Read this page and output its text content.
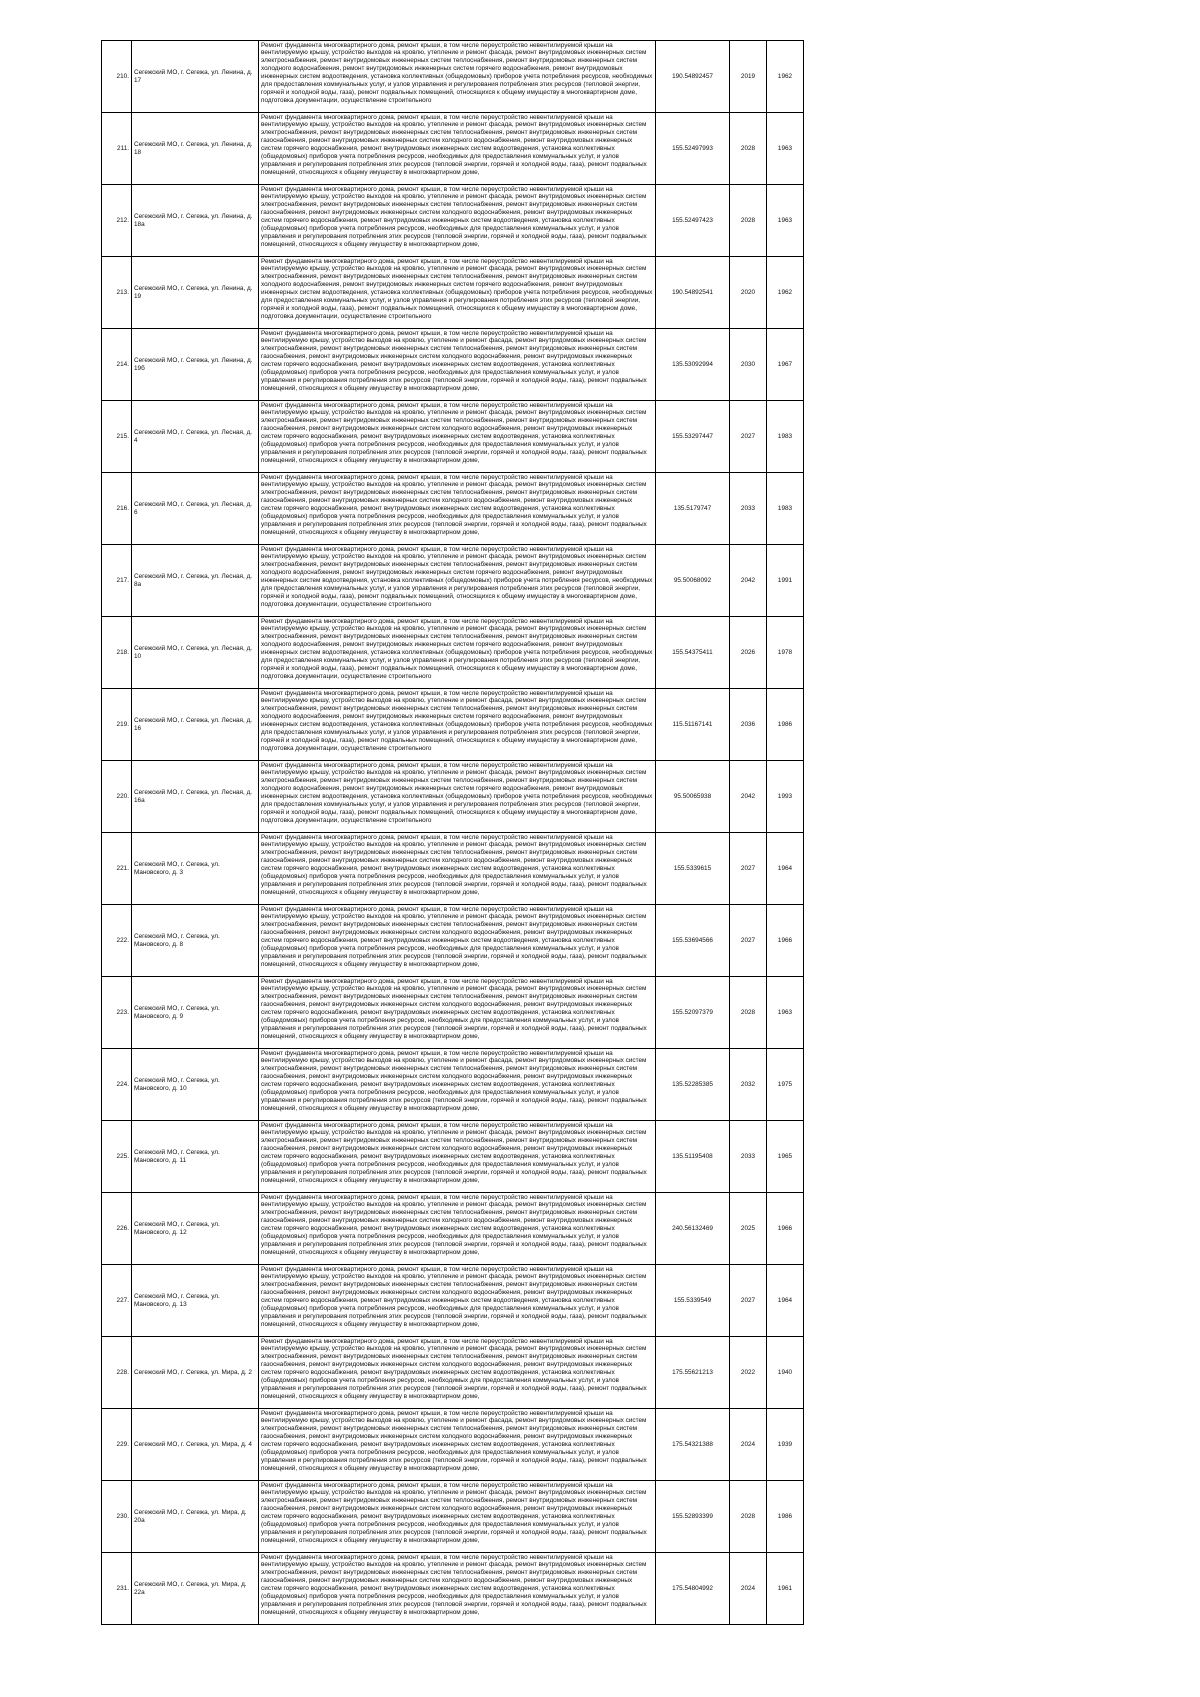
210.	Сегежский МО, г. Сегежа, ул. Ленина, д. 17	Ремонт фундамента многоквартирного дома, ремонт крыши, в том числе переустройство невентилируемой крыши на вентилируемую крышу, устройство выходов на кровлю, утепление и ремонт фасада, ремонт внутридомовых инженерных систем электроснабжения, ремонт внутридомовых инженерных систем теплоснабжения, ремонт внутридомовых инженерных систем холодного водоснабжения, ремонт внутридомовых инженерных систем горячего водоснабжения, ремонт внутридомовых инженерных систем водоотведения, установка коллективных (общедомовых) приборов учета потребления ресурсов, необходимых для предоставления коммунальных услуг, и узлов управления и регулирования потребления этих ресурсов (тепловой энергии, горячей и холодной воды, газа), ремонт подвальных помещений, относящихся к общему имуществу в многоквартирном доме, подготовка документации, осуществление строительного	190.54892457	2019	1962
211.	Сегежский МО, г. Сегежа, ул. Ленина, д. 18	Ремонт фундамента многоквартирного дома, ремонт крыши, в том числе переустройство невентилируемой крыши на вентилируемую крышу, устройство выходов на кровлю, утепление и ремонт фасада, ремонт внутридомовых инженерных систем электроснабжения, ремонт внутридомовых инженерных систем теплоснабжения, ремонт внутридомовых инженерных систем газоснабжения, ремонт внутридомовых инженерных систем холодного водоснабжения, ремонт внутридомовых инженерных систем горячего водоснабжения, ремонт внутридомовых инженерных систем водоотведения, установка коллективных (общедомовых) приборов учета потребления ресурсов, необходимых для предоставления коммунальных услуг, и узлов управления и регулирования потребления этих ресурсов (тепловой энергии, горячей и холодной воды, газа), ремонт подвальных помещений, относящихся к общему имуществу в многоквартирном доме,	155.52497993	2028	1963
212.	Сегежский МО, г. Сегежа, ул. Ленина, д. 18а	Ремонт фундамента многоквартирного дома, ремонт крыши, в том числе переустройство невентилируемой крыши на вентилируемую крышу, устройство выходов на кровлю, утепление и ремонт фасада, ремонт внутридомовых инженерных систем электроснабжения, ремонт внутридомовых инженерных систем теплоснабжения, ремонт внутридомовых инженерных систем газоснабжения, ремонт внутридомовых инженерных систем холодного водоснабжения, ремонт внутридомовых инженерных систем горячего водоснабжения, ремонт внутридомовых инженерных систем водоотведения, установка коллективных (общедомовых) приборов учета потребления ресурсов, необходимых для предоставления коммунальных услуг, и узлов управления и регулирования потребления этих ресурсов (тепловой энергии, горячей и холодной воды, газа), ремонт подвальных помещений, относящихся к общему имуществу в многоквартирном доме,	155.52497423	2028	1963
213.	Сегежский МО, г. Сегежа, ул. Ленина, д. 19	Ремонт фундамента многоквартирного дома, ремонт крыши, в том числе переустройство невентилируемой крыши на вентилируемую крышу, устройство выходов на кровлю, утепление и ремонт фасада, ремонт внутридомовых инженерных систем электроснабжения, ремонт внутридомовых инженерных систем теплоснабжения, ремонт внутридомовых инженерных систем холодного водоснабжения, ремонт внутридомовых инженерных систем горячего водоснабжения, ремонт внутридомовых инженерных систем водоотведения, установка коллективных (общедомовых) приборов учета потребления ресурсов, необходимых для предоставления коммунальных услуг, и узлов управления и регулирования потребления этих ресурсов (тепловой энергии, горячей и холодной воды, газа), ремонт подвальных помещений, относящихся к общему имуществу в многоквартирном доме, подготовка документации, осуществление строительного	190.54892541	2020	1962
214.	Сегежский МО, г. Сегежа, ул. Ленина, д. 19б	Ремонт фундамента многоквартирного дома, ремонт крыши, в том числе переустройство невентилируемой крыши на вентилируемую крышу, устройство выходов на кровлю, утепление и ремонт фасада, ремонт внутридомовых инженерных систем электроснабжения, ремонт внутридомовых инженерных систем теплоснабжения, ремонт внутридомовых инженерных систем газоснабжения, ремонт внутридомовых инженерных систем холодного водоснабжения, ремонт внутридомовых инженерных систем горячего водоснабжения, ремонт внутридомовых инженерных систем водоотведения, установка коллективных (общедомовых) приборов учета потребления ресурсов, необходимых для предоставления коммунальных услуг, и узлов управления и регулирования потребления этих ресурсов (тепловой энергии, горячей и холодной воды, газа), ремонт подвальных помещений, относящихся к общему имуществу в многоквартирном доме,	135.53092994	2030	1967
215.	Сегежский МО, г. Сегежа, ул. Лесная, д. 4	Ремонт фундамента многоквартирного дома, ремонт крыши, в том числе переустройство невентилируемой крыши на вентилируемую крышу, устройство выходов на кровлю, утепление и ремонт фасада, ремонт внутридомовых инженерных систем электроснабжения, ремонт внутридомовых инженерных систем теплоснабжения, ремонт внутридомовых инженерных систем газоснабжения, ремонт внутридомовых инженерных систем холодного водоснабжения, ремонт внутридомовых инженерных систем горячего водоснабжения, ремонт внутридомовых инженерных систем водоотведения, установка коллективных (общедомовых) приборов учета потребления ресурсов, необходимых для предоставления коммунальных услуг, и узлов управления и регулирования потребления этих ресурсов (тепловой энергии, горячей и холодной воды, газа), ремонт подвальных помещений, относящихся к общему имуществу в многоквартирном доме,	155.53297447	2027	1983
216.	Сегежский МО, г. Сегежа, ул. Лесная, д. 6	Ремонт фундамента многоквартирного дома, ремонт крыши, в том числе переустройство невентилируемой крыши на вентилируемую крышу, устройство выходов на кровлю, утепление и ремонт фасада, ремонт внутридомовых инженерных систем электроснабжения, ремонт внутридомовых инженерных систем теплоснабжения, ремонт внутридомовых инженерных систем газоснабжения, ремонт внутридомовых инженерных систем холодного водоснабжения, ремонт внутридомовых инженерных систем горячего водоснабжения, ремонт внутридомовых инженерных систем водоотведения, установка коллективных (общедомовых) приборов учета потребления ресурсов, необходимых для предоставления коммунальных услуг, и узлов управления и регулирования потребления этих ресурсов (тепловой энергии, горячей и холодной воды, газа), ремонт подвальных помещений, относящихся к общему имуществу в многоквартирном доме,	135.5179747	2033	1983
217.	Сегежский МО, г. Сегежа, ул. Лесная, д. 8а	Ремонт фундамента многоквартирного дома, ремонт крыши, в том числе переустройство невентилируемой крыши на вентилируемую крышу, устройство выходов на кровлю, утепление и ремонт фасада, ремонт внутридомовых инженерных систем электроснабжения, ремонт внутридомовых инженерных систем теплоснабжения, ремонт внутридомовых инженерных систем холодного водоснабжения, ремонт внутридомовых инженерных систем горячего водоснабжения, ремонт внутридомовых инженерных систем водоотведения, установка коллективных (общедомовых) приборов учета потребления ресурсов, необходимых для предоставления коммунальных услуг, и узлов управления и регулирования потребления этих ресурсов (тепловой энергии, горячей и холодной воды, газа), ремонт подвальных помещений, относящихся к общему имуществу в многоквартирном доме, подготовка документации, осуществление строительного	95.50068092	2042	1991
218.	Сегежский МО, г. Сегежа, ул. Лесная, д. 10	Ремонт фундамента многоквартирного дома, ремонт крыши, в том числе переустройство невентилируемой крыши на вентилируемую крышу, устройство выходов на кровлю, утепление и ремонт фасада, ремонт внутридомовых инженерных систем электроснабжения, ремонт внутридомовых инженерных систем теплоснабжения, ремонт внутридомовых инженерных систем холодного водоснабжения, ремонт внутридомовых инженерных систем горячего водоснабжения, ремонт внутридомовых инженерных систем водоотведения, установка коллективных (общедомовых) приборов учета потребления ресурсов, необходимых для предоставления коммунальных услуг, и узлов управления и регулирования потребления этих ресурсов (тепловой энергии, горячей и холодной воды, газа), ремонт подвальных помещений, относящихся к общему имуществу в многоквартирном доме, подготовка документации, осуществление строительного	155.54375411	2026	1978
219.	Сегежский МО, г. Сегежа, ул. Лесная, д. 16	Ремонт фундамента многоквартирного дома, ремонт крыши, в том числе переустройство невентилируемой крыши на вентилируемую крышу, устройство выходов на кровлю, утепление и ремонт фасада, ремонт внутридомовых инженерных систем электроснабжения, ремонт внутридомовых инженерных систем теплоснабжения, ремонт внутридомовых инженерных систем холодного водоснабжения, ремонт внутридомовых инженерных систем горячего водоснабжения, ремонт внутридомовых инженерных систем водоотведения, установка коллективных (общедомовых) приборов учета потребления ресурсов, необходимых для предоставления коммунальных услуг, и узлов управления и регулирования потребления этих ресурсов (тепловой энергии, горячей и холодной воды, газа), ремонт подвальных помещений, относящихся к общему имуществу в многоквартирном доме, подготовка документации, осуществление строительного	115.51167141	2036	1986
220.	Сегежский МО, г. Сегежа, ул. Лесная, д. 16а	Ремонт фундамента многоквартирного дома, ремонт крыши, в том числе переустройство невентилируемой крыши на вентилируемую крышу, устройство выходов на кровлю, утепление и ремонт фасада, ремонт внутридомовых инженерных систем электроснабжения, ремонт внутридомовых инженерных систем теплоснабжения, ремонт внутридомовых инженерных систем холодного водоснабжения, ремонт внутридомовых инженерных систем горячего водоснабжения, ремонт внутридомовых инженерных систем водоотведения, установка коллективных (общедомовых) приборов учета потребления ресурсов, необходимых для предоставления коммунальных услуг, и узлов управления и регулирования потребления этих ресурсов (тепловой энергии, горячей и холодной воды, газа), ремонт подвальных помещений, относящихся к общему имуществу в многоквартирном доме, подготовка документации, осуществление строительного	95.50065938	2042	1993
221.	Сегежский МО, г. Сегежа, ул. Мановского, д. 3	Ремонт фундамента многоквартирного дома, ремонт крыши, в том числе переустройство невентилируемой крыши на вентилируемую крышу, устройство выходов на кровлю, утепление и ремонт фасада, ремонт внутридомовых инженерных систем электроснабжения, ремонт внутридомовых инженерных систем теплоснабжения, ремонт внутридомовых инженерных систем газоснабжения, ремонт внутридомовых инженерных систем холодного водоснабжения, ремонт внутридомовых инженерных систем горячего водоснабжения, ремонт внутридомовых инженерных систем водоотведения, установка коллективных (общедомовых) приборов учета потребления ресурсов, необходимых для предоставления коммунальных услуг, и узлов управления и регулирования потребления этих ресурсов (тепловой энергии, горячей и холодной воды, газа), ремонт подвальных помещений, относящихся к общему имуществу в многоквартирном доме,	155.5339615	2027	1964
222.	Сегежский МО, г. Сегежа, ул. Мановского, д. 8	Ремонт фундамента многоквартирного дома, ремонт крыши, в том числе переустройство невентилируемой крыши на вентилируемую крышу, устройство выходов на кровлю, утепление и ремонт фасада, ремонт внутридомовых инженерных систем электроснабжения, ремонт внутридомовых инженерных систем теплоснабжения, ремонт внутридомовых инженерных систем газоснабжения, ремонт внутридомовых инженерных систем холодного водоснабжения, ремонт внутридомовых инженерных систем горячего водоснабжения, ремонт внутридомовых инженерных систем водоотведения, установка коллективных (общедомовых) приборов учета потребления ресурсов, необходимых для предоставления коммунальных услуг, и узлов управления и регулирования потребления этих ресурсов (тепловой энергии, горячей и холодной воды, газа), ремонт подвальных помещений, относящихся к общему имуществу в многоквартирном доме,	155.53694566	2027	1966
223.	Сегежский МО, г. Сегежа, ул. Мановского, д. 9	Ремонт фундамента многоквартирного дома, ремонт крыши, в том числе переустройство невентилируемой крыши на вентилируемую крышу, устройство выходов на кровлю, утепление и ремонт фасада, ремонт внутридомовых инженерных систем электроснабжения, ремонт внутридомовых инженерных систем теплоснабжения, ремонт внутридомовых инженерных систем газоснабжения, ремонт внутридомовых инженерных систем холодного водоснабжения, ремонт внутридомовых инженерных систем горячего водоснабжения, ремонт внутридомовых инженерных систем водоотведения, установка коллективных (общедомовых) приборов учета потребления ресурсов, необходимых для предоставления коммунальных услуг, и узлов управления и регулирования потребления этих ресурсов (тепловой энергии, горячей и холодной воды, газа), ремонт подвальных помещений, относящихся к общему имуществу в многоквартирном доме,	155.52097379	2028	1963
224.	Сегежский МО, г. Сегежа, ул. Мановского, д. 10	Ремонт фундамента многоквартирного дома, ремонт крыши, в том числе переустройство невентилируемой крыши на вентилируемую крышу, устройство выходов на кровлю, утепление и ремонт фасада, ремонт внутридомовых инженерных систем электроснабжения, ремонт внутридомовых инженерных систем теплоснабжения, ремонт внутридомовых инженерных систем газоснабжения, ремонт внутридомовых инженерных систем холодного водоснабжения, ремонт внутридомовых инженерных систем горячего водоснабжения, ремонт внутридомовых инженерных систем водоотведения, установка коллективных (общедомовых) приборов учета потребления ресурсов, необходимых для предоставления коммунальных услуг, и узлов управления и регулирования потребления этих ресурсов (тепловой энергии, горячей и холодной воды, газа), ремонт подвальных помещений, относящихся к общему имуществу в многоквартирном доме,	135.52285385	2032	1975
225.	Сегежский МО, г. Сегежа, ул. Мановского, д. 11	Ремонт фундамента многоквартирного дома, ремонт крыши, в том числе переустройство невентилируемой крыши на вентилируемую крышу, устройство выходов на кровлю, утепление и ремонт фасада, ремонт внутридомовых инженерных систем электроснабжения, ремонт внутридомовых инженерных систем теплоснабжения, ремонт внутридомовых инженерных систем газоснабжения, ремонт внутридомовых инженерных систем холодного водоснабжения, ремонт внутридомовых инженерных систем горячего водоснабжения, ремонт внутридомовых инженерных систем водоотведения, установка коллективных (общедомовых) приборов учета потребления ресурсов, необходимых для предоставления коммунальных услуг, и узлов управления и регулирования потребления этих ресурсов (тепловой энергии, горячей и холодной воды, газа), ремонт подвальных помещений, относящихся к общему имуществу в многоквартирном доме,	135.51195408	2033	1965
226.	Сегежский МО, г. Сегежа, ул. Мановского, д. 12	Ремонт фундамента многоквартирного дома, ремонт крыши, в том числе переустройство невентилируемой крыши на вентилируемую крышу, устройство выходов на кровлю, утепление и ремонт фасада, ремонт внутридомовых инженерных систем электроснабжения, ремонт внутридомовых инженерных систем теплоснабжения, ремонт внутридомовых инженерных систем газоснабжения, ремонт внутридомовых инженерных систем холодного водоснабжения, ремонт внутридомовых инженерных систем горячего водоснабжения, ремонт внутридомовых инженерных систем водоотведения, установка коллективных (общедомовых) приборов учета потребления ресурсов, необходимых для предоставления коммунальных услуг, и узлов управления и регулирования потребления этих ресурсов (тепловой энергии, горячей и холодной воды, газа), ремонт подвальных помещений, относящихся к общему имуществу в многоквартирном доме,	240.56132469	2025	1966
227.	Сегежский МО, г. Сегежа, ул. Мановского, д. 13	Ремонт фундамента многоквартирного дома, ремонт крыши, в том числе переустройство невентилируемой крыши на вентилируемую крышу, устройство выходов на кровлю, утепление и ремонт фасада, ремонт внутридомовых инженерных систем электроснабжения, ремонт внутридомовых инженерных систем теплоснабжения, ремонт внутридомовых инженерных систем газоснабжения, ремонт внутридомовых инженерных систем холодного водоснабжения, ремонт внутридомовых инженерных систем горячего водоснабжения, ремонт внутридомовых инженерных систем водоотведения, установка коллективных (общедомовых) приборов учета потребления ресурсов, необходимых для предоставления коммунальных услуг, и узлов управления и регулирования потребления этих ресурсов (тепловой энергии, горячей и холодной воды, газа), ремонт подвальных помещений, относящихся к общему имуществу в многоквартирном доме,	155.5339549	2027	1964
228.	Сегежский МО, г. Сегежа, ул. Мира, д. 2	Ремонт фундамента многоквартирного дома, ремонт крыши, в том числе переустройство невентилируемой крыши на вентилируемую крышу, устройство выходов на кровлю, утепление и ремонт фасада, ремонт внутридомовых инженерных систем электроснабжения, ремонт внутридомовых инженерных систем теплоснабжения, ремонт внутридомовых инженерных систем газоснабжения, ремонт внутридомовых инженерных систем холодного водоснабжения, ремонт внутридомовых инженерных систем горячего водоснабжения, ремонт внутридомовых инженерных систем водоотведения, установка коллективных (общедомовых) приборов учета потребления ресурсов, необходимых для предоставления коммунальных услуг, и узлов управления и регулирования потребления этих ресурсов (тепловой энергии, горячей и холодной воды, газа), ремонт подвальных помещений, относящихся к общему имуществу в многоквартирном доме,	175.55621213	2022	1940
229.	Сегежский МО, г. Сегежа, ул. Мира, д. 4	Ремонт фундамента многоквартирного дома, ремонт крыши, в том числе переустройство невентилируемой крыши на вентилируемую крышу, устройство выходов на кровлю, утепление и ремонт фасада, ремонт внутридомовых инженерных систем электроснабжения, ремонт внутридомовых инженерных систем теплоснабжения, ремонт внутридомовых инженерных систем газоснабжения, ремонт внутридомовых инженерных систем холодного водоснабжения, ремонт внутридомовых инженерных систем горячего водоснабжения, ремонт внутридомовых инженерных систем водоотведения, установка коллективных (общедомовых) приборов учета потребления ресурсов, необходимых для предоставления коммунальных услуг, и узлов управления и регулирования потребления этих ресурсов (тепловой энергии, горячей и холодной воды, газа), ремонт подвальных помещений, относящихся к общему имуществу в многоквартирном доме,	175.54321388	2024	1939
230.	Сегежский МО, г. Сегежа, ул. Мира, д. 20а	Ремонт фундамента многоквартирного дома, ремонт крыши, в том числе переустройство невентилируемой крыши на вентилируемую крышу, устройство выходов на кровлю, утепление и ремонт фасада, ремонт внутридомовых инженерных систем электроснабжения, ремонт внутридомовых инженерных систем теплоснабжения, ремонт внутридомовых инженерных систем газоснабжения, ремонт внутридомовых инженерных систем холодного водоснабжения, ремонт внутридомовых инженерных систем горячего водоснабжения, ремонт внутридомовых инженерных систем водоотведения, установка коллективных (общедомовых) приборов учета потребления ресурсов, необходимых для предоставления коммунальных услуг, и узлов управления и регулирования потребления этих ресурсов (тепловой энергии, горячей и холодной воды, газа), ремонт подвальных помещений, относящихся к общему имуществу в многоквартирном доме,	155.52893399	2028	1986
231.	Сегежский МО, г. Сегежа, ул. Мира, д. 22а	Ремонт фундамента многоквартирного дома, ремонт крыши, в том числе переустройство невентилируемой крыши на вентилируемую крышу, устройство выходов на кровлю, утепление и ремонт фасада, ремонт внутридомовых инженерных систем электроснабжения, ремонт внутридомовых инженерных систем теплоснабжения, ремонт внутридомовых инженерных систем газоснабжения, ремонт внутридомовых инженерных систем холодного водоснабжения, ремонт внутридомовых инженерных систем горячего водоснабжения, ремонт внутридомовых инженерных систем водоотведения, установка коллективных (общедомовых) приборов учета потребления ресурсов, необходимых для предоставления коммунальных услуг, и узлов управления и регулирования потребления этих ресурсов (тепловой энергии, горячей и холодной воды, газа), ремонт подвальных помещений, относящихся к общему имуществу в многоквартирном доме,	175.54804992	2024	1961
